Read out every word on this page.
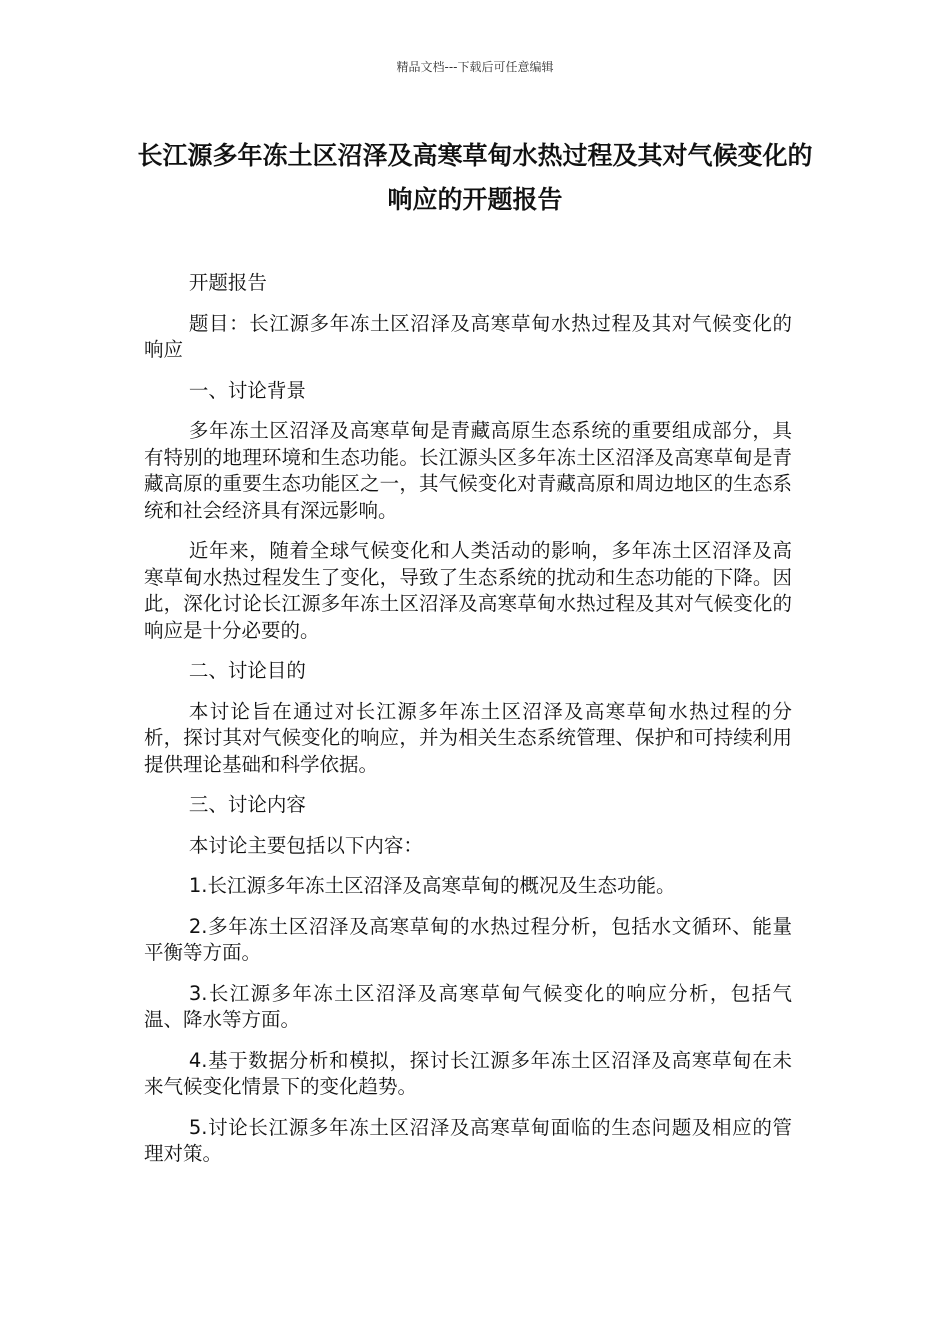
精品文档---下载后可任意编辑
长江源多年冻土区沼泽及高寒草甸水热过程及其对气候变化的响应的开题报告

开题报告

题目：长江源多年冻土区沼泽及高寒草甸水热过程及其对气候变化的响应

一、讨论背景

多年冻土区沼泽及高寒草甸是青藏高原生态系统的重要组成部分，具有特别的地理环境和生态功能。长江源头区多年冻土区沼泽及高寒草甸是青藏高原的重要生态功能区之一，其气候变化对青藏高原和周边地区的生态系统和社会经济具有深远影响。

近年来，随着全球气候变化和人类活动的影响，多年冻土区沼泽及高寒草甸水热过程发生了变化，导致了生态系统的扰动和生态功能的下降。因此，深化讨论长江源多年冻土区沼泽及高寒草甸水热过程及其对气候变化的响应是十分必要的。

二、讨论目的

本讨论旨在通过对长江源多年冻土区沼泽及高寒草甸水热过程的分析，探讨其对气候变化的响应，并为相关生态系统管理、保护和可持续利用提供理论基础和科学依据。

三、讨论内容

本讨论主要包括以下内容：

1.长江源多年冻土区沼泽及高寒草甸的概况及生态功能。

2.多年冻土区沼泽及高寒草甸的水热过程分析，包括水文循环、能量平衡等方面。

3.长江源多年冻土区沼泽及高寒草甸气候变化的响应分析，包括气温、降水等方面。

4.基于数据分析和模拟，探讨长江源多年冻土区沼泽及高寒草甸在未来气候变化情景下的变化趋势。

5.讨论长江源多年冻土区沼泽及高寒草甸面临的生态问题及相应的管理对策。
